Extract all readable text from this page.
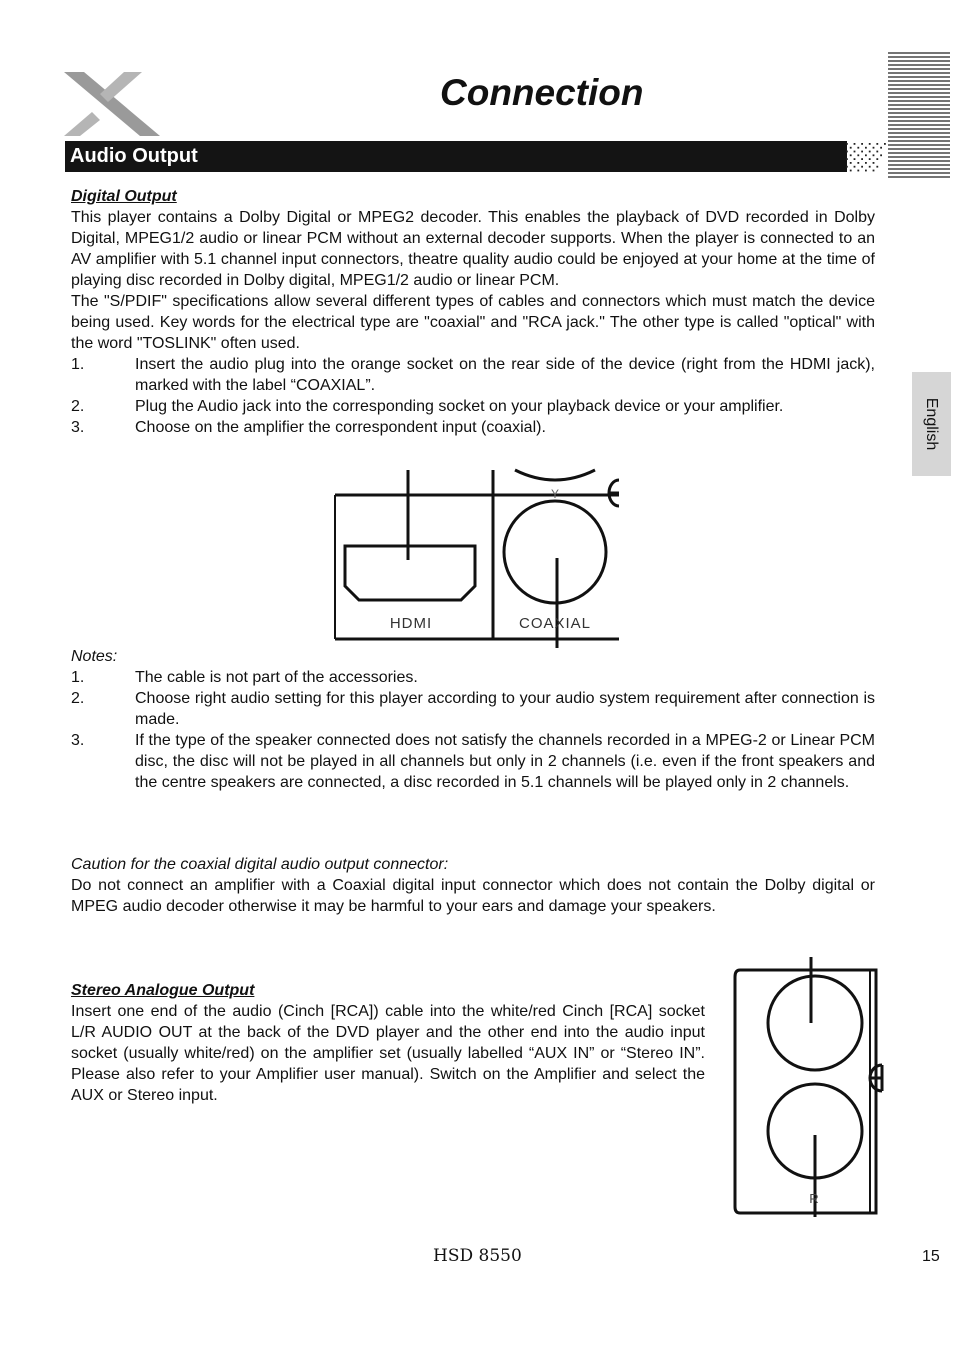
Connection
Audio Output
English
Digital Output

This player contains a Dolby Digital or MPEG2 decoder. This enables the playback of DVD recorded in Dolby Digital, MPEG1/2 audio or linear PCM without an external decoder supports. When the player is connected to an AV amplifier with 5.1 channel input connectors, theatre quality audio could be enjoyed at your home at the time of playing disc recorded in Dolby digital, MPEG1/2 audio or linear PCM.

The "S/PDIF" specifications allow several different types of cables and connectors which must match the device being used. Key words for the electrical type are "coaxial" and "RCA jack." The other type is called "optical" with the word "TOSLINK" often used.

1.	Insert the audio plug into the orange socket on the rear side of the device (right from the HDMI jack), marked with the label “COAXIAL”.
2.	Plug the Audio jack into the corresponding socket on your playback device or your amplifier.
3.	Choose on the amplifier the correspondent input (coaxial).
Y
HDMI	COAXIAL
Notes:
1.	The cable is not part of the accessories.
2.	Choose right audio setting for this player according to your audio system requirement after connection is made.
3.	If the type of the speaker connected does not satisfy the channels recorded in a MPEG-2 or Linear PCM disc, the disc will not be played in all channels but only in 2 channels (i.e. even if the front speakers and the centre speakers are connected, a disc recorded in 5.1 channels will be played only in 2 channels.
Caution for the coaxial digital audio output connector:

Do not connect an amplifier with a Coaxial digital input connector which does not contain the Dolby digital or MPEG audio decoder otherwise it may be harmful to your ears and damage your speakers.

Stereo Analogue Output

Insert one end of the audio (Cinch [RCA]) cable into the white/red Cinch [RCA] socket L/R AUDIO OUT at the back of the DVD player and the other end into the audio input socket (usually white/red) on the amplifier set (usually labelled “AUX IN” or “Stereo IN”. Please also refer to your Amplifier user manual). Switch on the Amplifier and select the AUX or Stereo input.

R
HSD 8550	15
